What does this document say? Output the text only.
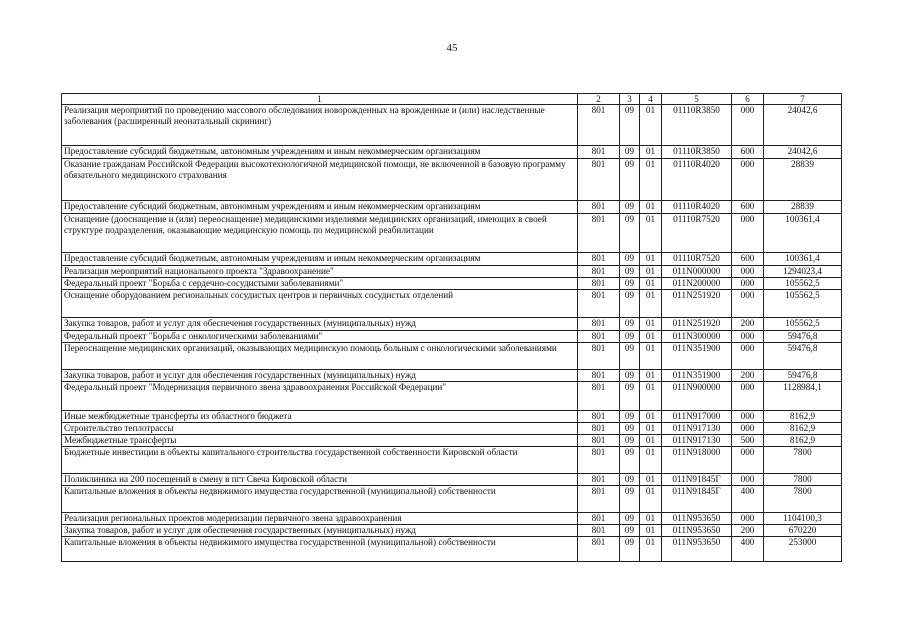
45
1	2	3	4	5	6	7
Реализация мероприятий по проведению массового обследования новорожденных на врожденные и (или) наследственные заболевания (расширенный неонатальный скрининг)	801	09	01	01110R3850	000	24042,6
Предоставление субсидий бюджетным, автономным учреждениям и иным некоммерческим организациям	801	09	01	01110R3850	600	24042,6
Оказание гражданам Российской Федерации высокотехнологичной медицинской помощи, не включенной в базовую программу обязательного медицинского страхования	801	09	01	01110R4020	000	28839
Предоставление субсидий бюджетным, автономным учреждениям и иным некоммерческим организациям	801	09	01	01110R4020	600	28839
Оснащение (дооснащение и (или) переоснащение) медицинскими изделиями медицинских организаций, имеющих в своей структуре подразделения, оказывающие медицинскую помощь по медицинской реабилитации	801	09	01	01110R7520	000	100361,4
Предоставление субсидий бюджетным, автономным учреждениям и иным некоммерческим организациям	801	09	01	01110R7520	600	100361,4
Реализация мероприятий национального проекта "Здравоохранение"	801	09	01	011N000000	000	1294023,4
Федеральный проект "Борьба с сердечно-сосудистыми заболеваниями"	801	09	01	011N200000	000	105562,5
Оснащение оборудованием региональных сосудистых центров и первичных сосудистых отделений	801	09	01	011N251920	000	105562,5
Закупка товаров, работ и услуг для обеспечения государственных (муниципальных) нужд	801	09	01	011N251920	200	105562,5
Федеральный проект "Борьба с онкологическими заболеваниями"	801	09	01	011N300000	000	59476,8
Переоснащение медицинских организаций, оказывающих медицинскую помощь больным с онкологическими заболеваниями	801	09	01	011N351900	000	59476,8
Закупка товаров, работ и услуг для обеспечения государственных (муниципальных) нужд	801	09	01	011N351900	200	59476,8
Федеральный проект "Модернизация первичного звена здравоохранения Российской Федерации"	801	09	01	011N900000	000	1128984,1
Иные межбюджетные трансферты из областного бюджета	801	09	01	011N917000	000	8162,9
Строительство теплотрассы	801	09	01	011N917130	000	8162,9
Межбюджетные трансферты	801	09	01	011N917130	500	8162,9
Бюджетные инвестиции в объекты капитального строительства государственной собственности Кировской области	801	09	01	011N918000	000	7800
Поликлиника на 200 посещений в смену в пгт Свеча Кировской области	801	09	01	011N91845Г	000	7800
Капитальные вложения в объекты недвижимого имущества государственной (муниципальной) собственности	801	09	01	011N91845Г	400	7800
Реализация региональных проектов модернизации первичного звена здравоохранения	801	09	01	011N953650	000	1104100,3
Закупка товаров, работ и услуг для обеспечения государственных (муниципальных) нужд	801	09	01	011N953650	200	670220
Капитальные вложения в объекты недвижимого имущества государственной (муниципальной) собственности	801	09	01	011N953650	400	253000
